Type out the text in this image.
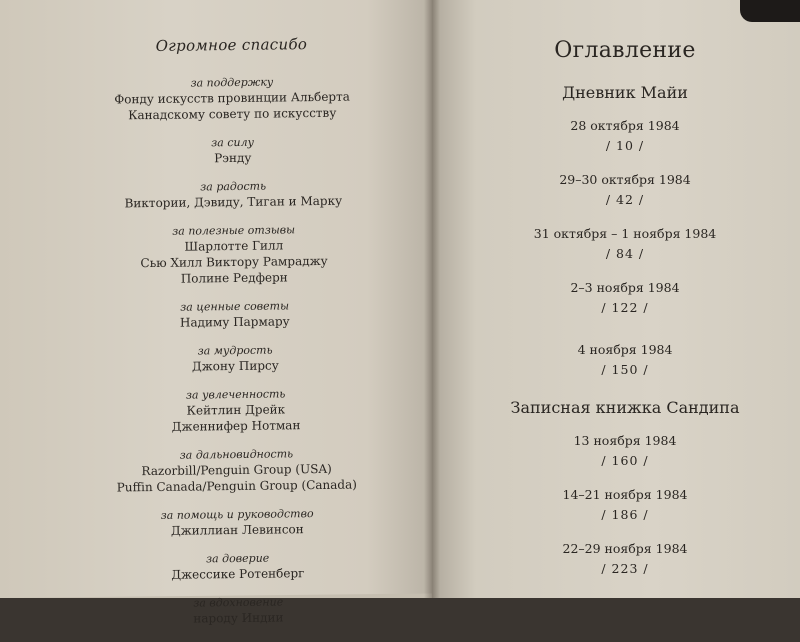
Огромное спасибо
за поддержку
Фонду искусств провинции Альберта
Канадскому совету по искусству
за силу
Рэнду
за радость
Виктории, Дэвиду, Тиган и Марку
за полезные отзывы
Шарлотте Гилл
Сью Хилл Виктору Рамраджу
Полине Редферн
за ценные советы
Надиму Пармару
за мудрость
Джону Пирсу
за увлеченность
Кейтлин Дрейк
Дженнифер Нотман
за дальновидность
Razorbill/Penguin Group (USA)
Puffin Canada/Penguin Group (Canada)
за помощь и руководство
Джиллиан Левинсон
за доверие
Джессике Ротенберг
за вдохновение
народу Индии
Оглавление
Дневник Майи
28 октября 1984
/ 10 /
29–30 октября 1984
/ 42 /
31 октября – 1 ноября 1984
/ 84 /
2–3 ноября 1984
/ 122 /
4 ноября 1984
/ 150 /
Записная книжка Сандипа
13 ноября 1984
/ 160 /
14–21 ноября 1984
/ 186 /
22–29 ноября 1984
/ 223 /
